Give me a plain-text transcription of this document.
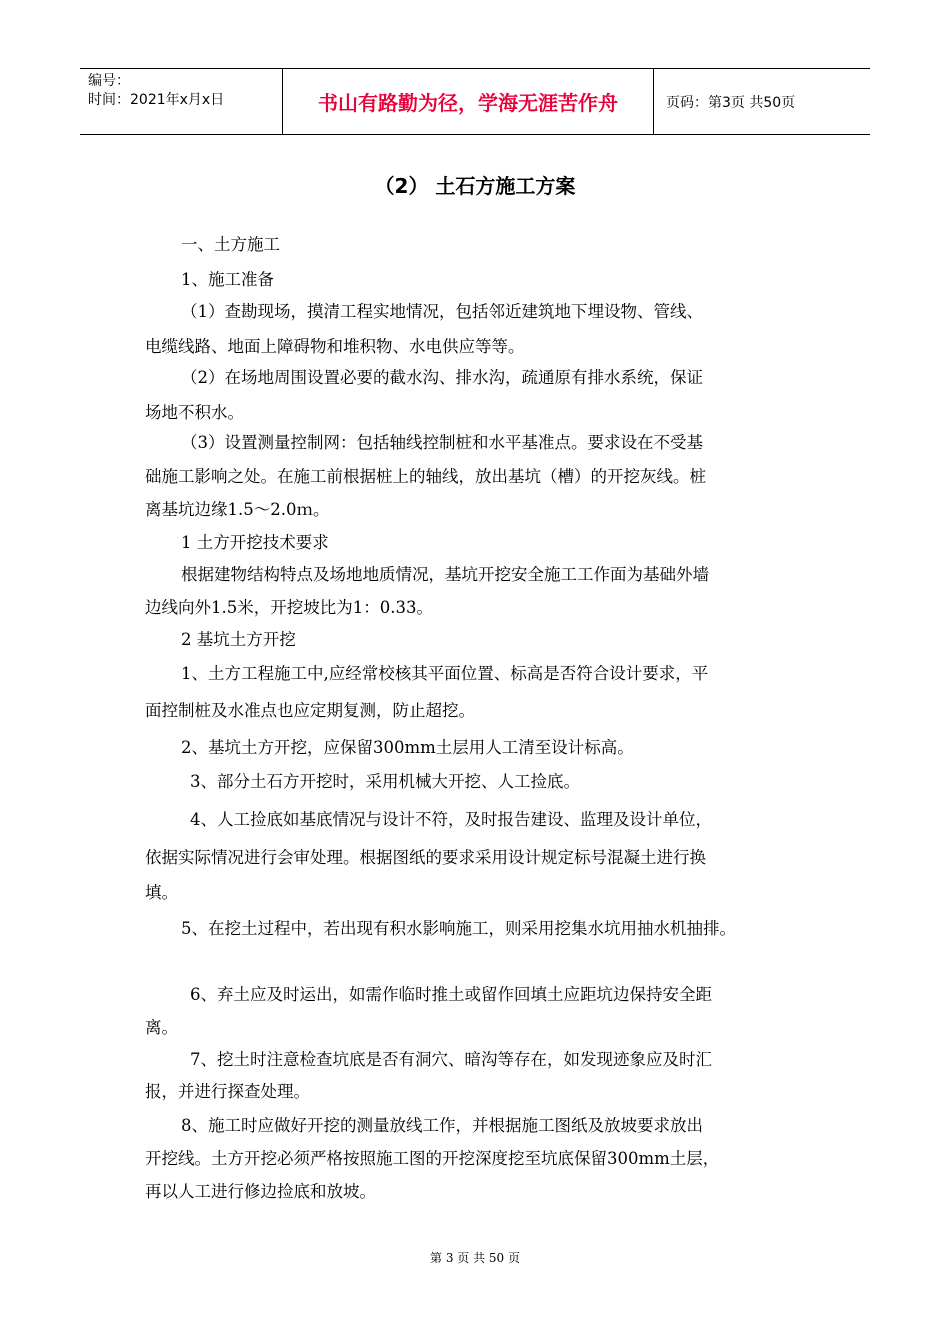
编号：
时间：2021年x月x日	书山有路勤为径，学海无涯苦作舟	页码：第3页 共50页
（2） 土石方施工方案
一、土方施工
1、施工准备
（1）查勘现场，摸清工程实地情况，包括邻近建筑地下埋设物、管线、
电缆线路、地面上障碍物和堆积物、水电供应等等。
（2）在场地周围设置必要的截水沟、排水沟，疏通原有排水系统，保证
场地不积水。
（3）设置测量控制网：包括轴线控制桩和水平基准点。要求设在不受基
础施工影响之处。在施工前根据桩上的轴线，放出基坑（槽）的开挖灰线。桩
离基坑边缘1.5～2.0ｍ。
1 土方开挖技术要求
根据建物结构特点及场地地质情况，基坑开挖安全施工工作面为基础外墙
边线向外1.5米，开挖坡比为1：0.33。
2 基坑土方开挖
1、土方工程施工中,应经常校核其平面位置、标高是否符合设计要求，平
面控制桩及水准点也应定期复测，防止超挖。
2、基坑土方开挖，应保留300mm土层用人工清至设计标高。
3、部分土石方开挖时，采用机械大开挖、人工捡底。
4、人工捡底如基底情况与设计不符，及时报告建设、监理及设计单位，
依据实际情况进行会审处理。根据图纸的要求采用设计规定标号混凝土进行换
填。
5、在挖土过程中，若出现有积水影响施工，则采用挖集水坑用抽水机抽排。
6、弃土应及时运出，如需作临时推土或留作回填土应距坑边保持安全距
离。
7、挖土时注意检查坑底是否有洞穴、暗沟等存在，如发现迹象应及时汇
报，并进行探查处理。
8、施工时应做好开挖的测量放线工作，并根据施工图纸及放坡要求放出
开挖线。土方开挖必须严格按照施工图的开挖深度挖至坑底保留300mm土层，
再以人工进行修边捡底和放坡。
第 3 页 共 50 页
